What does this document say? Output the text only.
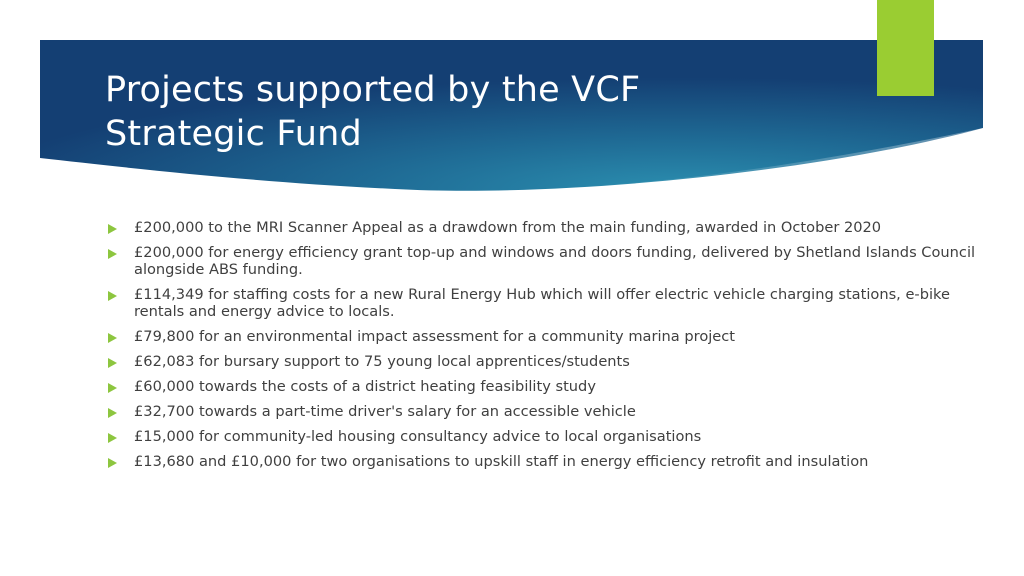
Projects supported by the VCF
Strategic Fund
£200,000 to the MRI Scanner Appeal as a drawdown from the main funding, awarded in October 2020
£200,000 for energy efficiency grant top-up and windows and doors funding, delivered by Shetland Islands Council alongside ABS funding.
£114,349 for staffing costs for a new Rural Energy Hub which will offer electric vehicle charging stations, e-bike rentals and energy advice to locals.
£79,800 for an environmental impact assessment for a community marina project
£62,083 for bursary support to 75 young local apprentices/students
£60,000 towards the costs of a district heating feasibility study
£32,700 towards a part-time driver's salary for an accessible vehicle
£15,000 for community-led housing consultancy advice to local organisations
£13,680 and £10,000 for two organisations to upskill staff in energy efficiency retrofit and insulation
